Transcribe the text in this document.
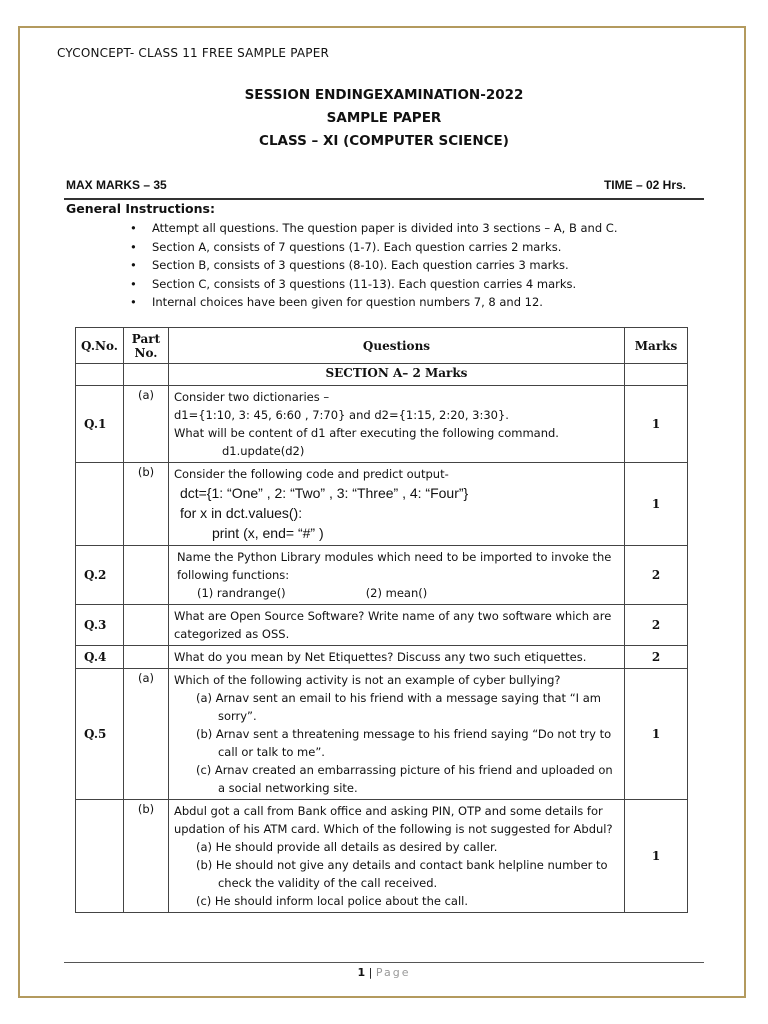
CYCONCEPT- CLASS 11 FREE SAMPLE PAPER
SESSION ENDINGEXAMINATION-2022
SAMPLE PAPER
CLASS – XI (COMPUTER SCIENCE)
MAX MARKS – 35	TIME – 02 Hrs.
General Instructions:
• Attempt all questions. The question paper is divided into 3 sections – A, B and C.
• Section A, consists of 7 questions (1-7). Each question carries 2 marks.
• Section B, consists of 3 questions (8-10). Each question carries 3 marks.
• Section C, consists of 3 questions (11-13). Each question carries 4 marks.
• Internal choices have been given for question numbers 7, 8 and 12.
Q.No.	Part No.	Questions	Marks
		SECTION A– 2 Marks	
Q.1	(a)	Consider two dictionaries –
d1={1:10, 3: 45, 6:60 , 7:70} and d2={1:15, 2:20, 3:30}.
What will be content of d1 after executing the following command.
d1.update(d2)	1
	(b)	Consider the following code and predict output-
dct={1: “One” , 2: “Two” , 3: “Three” , 4: “Four”}
for x in dct.values():
print (x, end= “#” )	1
Q.2		Name the Python Library modules which need to be imported to invoke the following functions:
(1) randrange() (2) mean()	2
Q.3		What are Open Source Software? Write name of any two software which are categorized as OSS.	2
Q.4		What do you mean by Net Etiquettes? Discuss any two such etiquettes.	2
Q.5	(a)	Which of the following activity is not an example of cyber bullying?
(a) Arnav sent an email to his friend with a message saying that “I am sorry”.
(b) Arnav sent a threatening message to his friend saying “Do not try to call or talk to me”.
(c) Arnav created an embarrassing picture of his friend and uploaded on a social networking site.	1
	(b)	Abdul got a call from Bank office and asking PIN, OTP and some details for updation of his ATM card. Which of the following is not suggested for Abdul?
(a) He should provide all details as desired by caller.
(b) He should not give any details and contact bank helpline number to check the validity of the call received.
(c) He should inform local police about the call.	1
1 | Page
